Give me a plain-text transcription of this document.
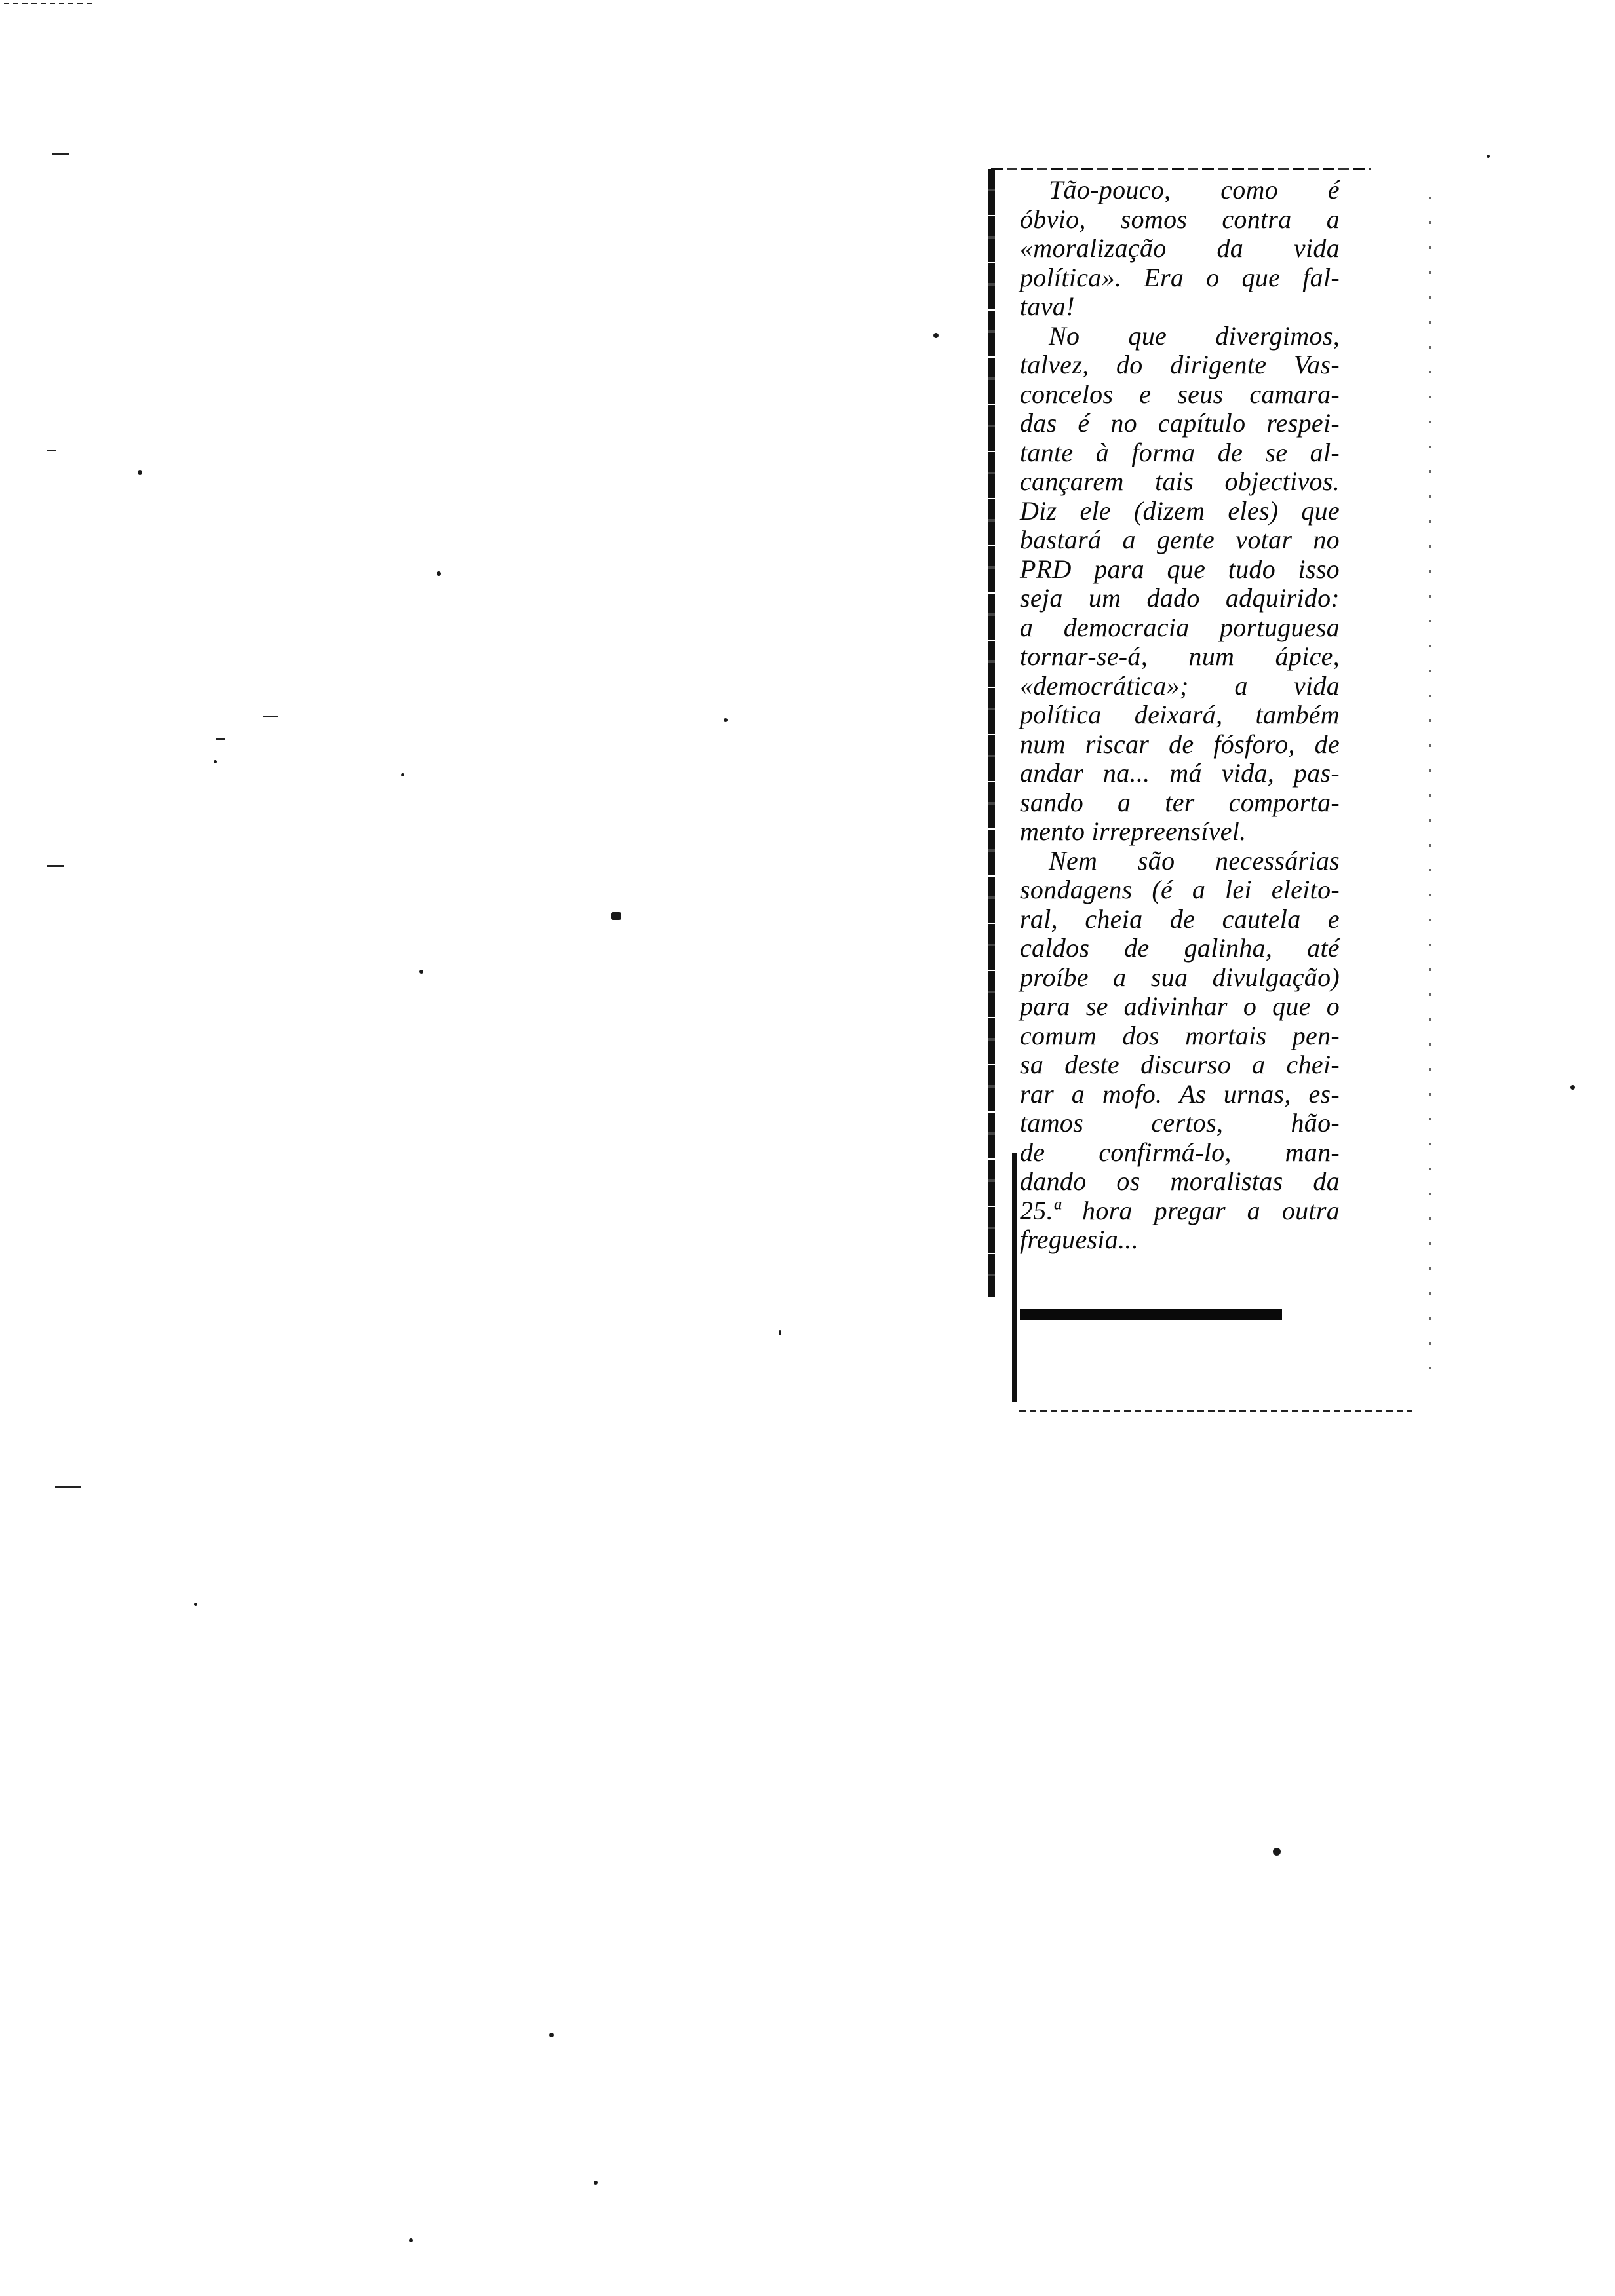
Tão-pouco, como é
óbvio, somos contra a
«moralização da vida
política». Era o que fal-
tava!
No que divergimos,
talvez, do dirigente Vas-
concelos e seus camara-
das é no capítulo respei-
tante à forma de se al-
cançarem tais objectivos.
Diz ele (dizem eles) que
bastará a gente votar no
PRD para que tudo isso
seja um dado adquirido:
a democracia portuguesa
tornar-se-á, num ápice,
«democrática»; a vida
política deixará, também
num riscar de fósforo, de
andar na... má vida, pas-
sando a ter comporta-
mento irrepreensível.
Nem são necessárias
sondagens (é a lei eleito-
ral, cheia de cautela e
caldos de galinha, até
proíbe a sua divulgação)
para se adivinhar o que o
comum dos mortais pen-
sa deste discurso a chei-
rar a mofo. As urnas, es-
tamos certos, hão-
de confirmá-lo, man-
dando os moralistas da
25.ª hora pregar a outra
freguesia...
